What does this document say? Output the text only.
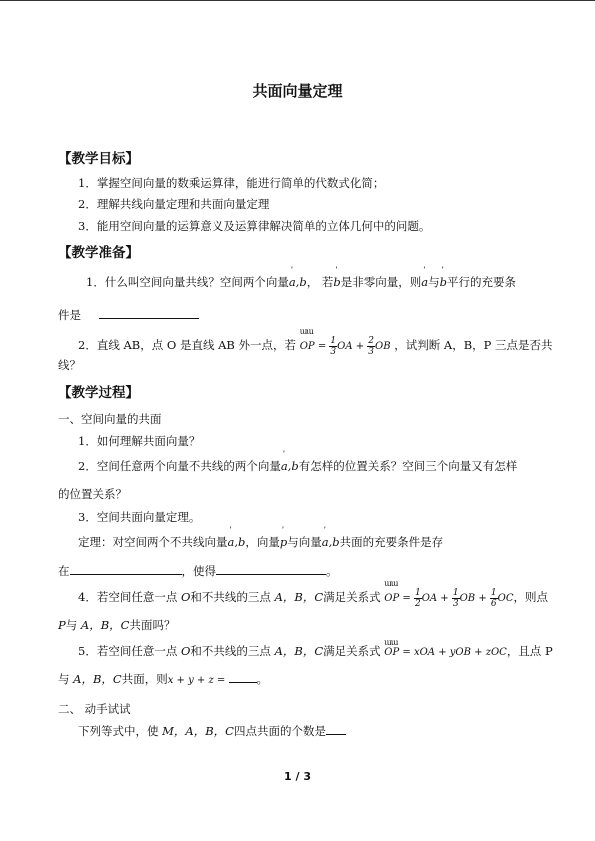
共面向量定理
【教学目标】
1．掌握空间向量的数乘运算律，能进行简单的代数式化简；
2．理解共线向量定理和共面向量定理
3．能用空间向量的运算意义及运算律解决简单的立体几何中的问题。
【教学准备】
1．什么叫空间向量共线？空间两个向量ʹ a,b， 若ʹ b是非零向量，则ʹ a与ʹ b平行的充要条
件是
2．直线 AB，点 O 是直线 AB 外一点，若
ɯɯ
OP = $\frac{1}{3}$ OA + $\frac{2}{3}$ OB ，试判断 A，B，P 三点是否共
线？
【教学过程】
一、空间向量的共面
1．如何理解共面向量？
2．空间任意两个向量不共线的两个向量ʹ a,b有怎样的位置关系？空间三个向量又有怎样
的位置关系？
3．空间共面向量定理。
定理：对空间两个不共线向量ʹ a,b，向量ʹ p与向量ʹ a,b共面的充要条件是存
在	，使得	。
4．若空间任意一点 O和不共线的三点 A，B，C满足关系式
ɯɯ
OP = $\frac{1}{2}$ OA + $\frac{1}{3}$ OB + $\frac{1}{6}$ OC，则点
P与 A，B，C共面吗？
5．若空间任意一点 O和不共线的三点 A，B，C满足关系式
ɯɯ
OP = xOA + yOB + zOC，且点 P
与 A，B，C共面，则x + y + z = 。
二、 动手试试
下列等式中，使 M，A，B，C四点共面的个数是
1 / 3
